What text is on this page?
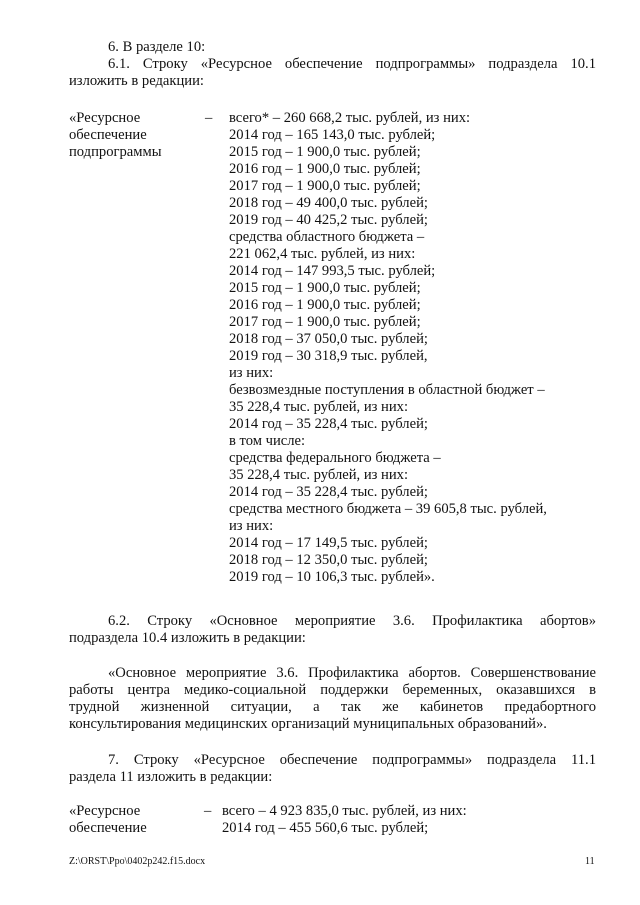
6. В разделе 10:
6.1. Строку «Ресурсное обеспечение подпрограммы» подраздела 10.1
изложить в редакции:
«Ресурсное
обеспечение
подпрограммы
– всего* – 260 668,2 тыс. рублей, из них:
2014 год – 165 143,0 тыс. рублей;
2015 год – 1 900,0 тыс. рублей;
2016 год – 1 900,0 тыс. рублей;
2017 год – 1 900,0 тыс. рублей;
2018 год – 49 400,0 тыс. рублей;
2019 год – 40 425,2 тыс. рублей;
средства областного бюджета –
221 062,4 тыс. рублей, из них:
2014 год – 147 993,5 тыс. рублей;
2015 год – 1 900,0 тыс. рублей;
2016 год – 1 900,0 тыс. рублей;
2017 год – 1 900,0 тыс. рублей;
2018 год – 37 050,0 тыс. рублей;
2019 год – 30 318,9 тыс. рублей,
из них:
безвозмездные поступления в областной бюджет –
35 228,4 тыс. рублей, из них:
2014 год – 35 228,4 тыс. рублей;
в том числе:
средства федерального бюджета –
35 228,4 тыс. рублей, из них:
2014 год – 35 228,4 тыс. рублей;
средства местного бюджета – 39 605,8 тыс. рублей,
из них:
2014 год – 17 149,5 тыс. рублей;
2018 год – 12 350,0 тыс. рублей;
2019 год – 10 106,3 тыс. рублей».
6.2. Строку «Основное мероприятие 3.6. Профилактика абортов»
подраздела 10.4 изложить в редакции:
«Основное мероприятие 3.6. Профилактика абортов. Совершенствование
работы центра медико-социальной поддержки беременных, оказавшихся в
трудной жизненной ситуации, а так же кабинетов предабортного
консультирования медицинских организаций муниципальных образований».
7. Строку «Ресурсное обеспечение подпрограммы» подраздела 11.1
раздела 11 изложить в редакции:
«Ресурсное
обеспечение
– всего – 4 923 835,0 тыс. рублей, из них:
2014 год – 455 560,6 тыс. рублей;
Z:\ORST\Ppo\0402p242.f15.docx	11
